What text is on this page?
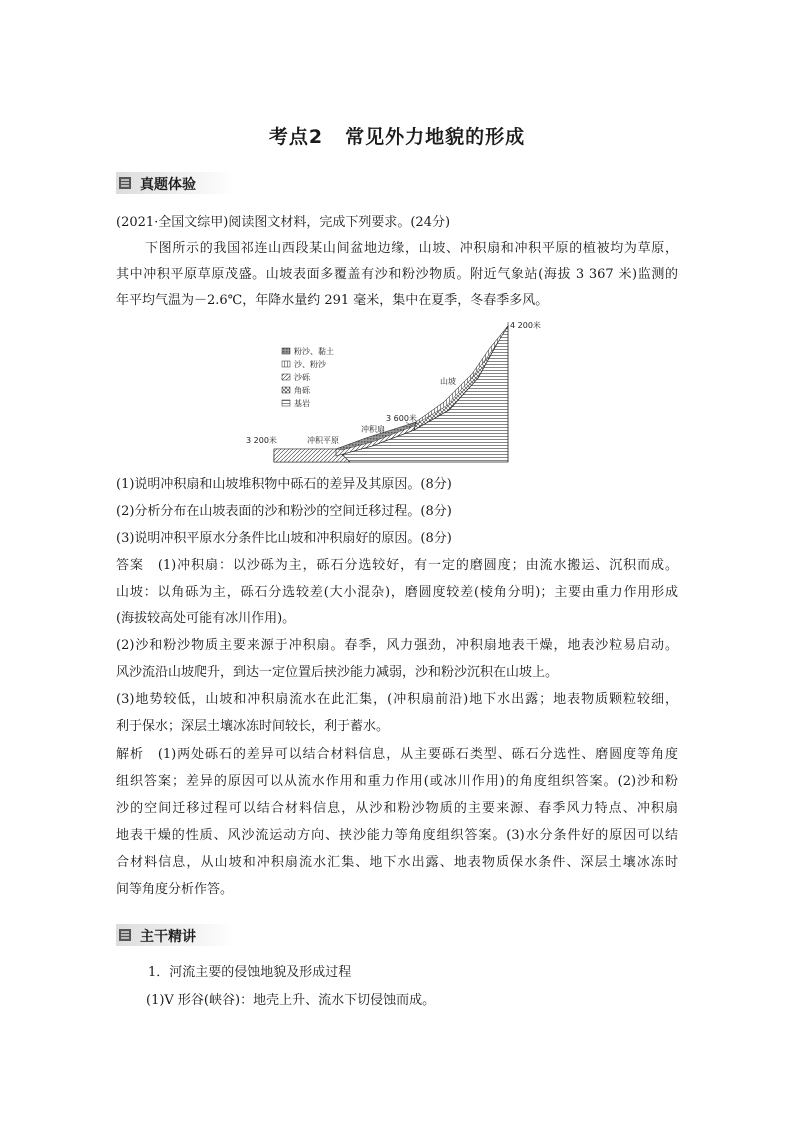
考点2 常见外力地貌的形成
真题体验
(2021·全国文综甲)阅读图文材料，完成下列要求。(24分)
下图所示的我国祁连山西段某山间盆地边缘，山坡、冲积扇和冲积平原的植被均为草原，
其中冲积平原草原茂盛。山坡表面多覆盖有沙和粉沙物质。附近气象站(海拔 3 367 米)监测的
年平均气温为－2.6℃，年降水量约 291 毫米，集中在夏季，冬春季多风。
4 200米
山坡
3 600米
冲积扇
3 200米	冲积平原
粉沙、黏土
沙、粉沙
沙砾
角砾
基岩
(1)说明冲积扇和山坡堆积物中砾石的差异及其原因。(8分)
(2)分析分布在山坡表面的沙和粉沙的空间迁移过程。(8分)
(3)说明冲积平原水分条件比山坡和冲积扇好的原因。(8分)
答案　(1)冲积扇：以沙砾为主，砾石分选较好，有一定的磨圆度；由流水搬运、沉积而成。
山坡：以角砾为主，砾石分选较差(大小混杂)，磨圆度较差(棱角分明)；主要由重力作用形成
(海拔较高处可能有冰川作用)。
(2)沙和粉沙物质主要来源于冲积扇。春季，风力强劲，冲积扇地表干燥，地表沙粒易启动。
风沙流沿山坡爬升，到达一定位置后挟沙能力减弱，沙和粉沙沉积在山坡上。
(3)地势较低，山坡和冲积扇流水在此汇集，(冲积扇前沿)地下水出露；地表物质颗粒较细，
利于保水；深层土壤冰冻时间较长，利于蓄水。
解析　(1)两处砾石的差异可以结合材料信息，从主要砾石类型、砾石分选性、磨圆度等角度
组织答案；差异的原因可以从流水作用和重力作用(或冰川作用)的角度组织答案。(2)沙和粉
沙的空间迁移过程可以结合材料信息，从沙和粉沙物质的主要来源、春季风力特点、冲积扇
地表干燥的性质、风沙流运动方向、挟沙能力等角度组织答案。(3)水分条件好的原因可以结
合材料信息，从山坡和冲积扇流水汇集、地下水出露、地表物质保水条件、深层土壤冰冻时
间等角度分析作答。
主干精讲
1．河流主要的侵蚀地貌及形成过程
(1)V 形谷(峡谷)：地壳上升、流水下切侵蚀而成。
